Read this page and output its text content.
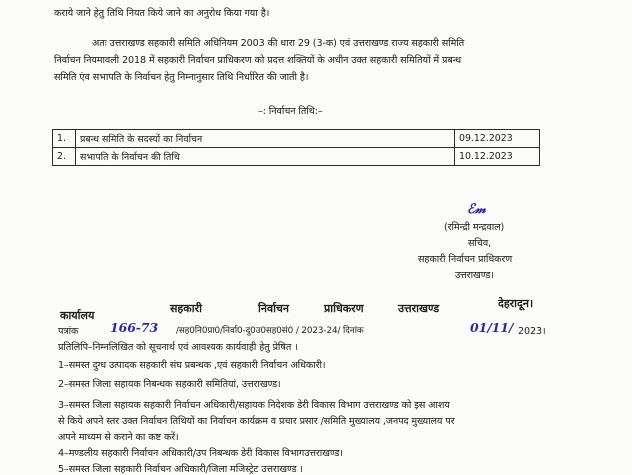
कराये जाने हेतु तिथि नियत किये जाने का अनुरोध किया गया है।
अतः उत्तराखण्ड सहकारी समिति अधिनियम 2003 की धारा 29 (3-क) एवं उत्तराखण्ड राज्य सहकारी समिति
निर्वाचन नियमावली 2018 में सहकारी निर्वाचन प्राधिकरण को प्रदत्त शक्तियों के अधीन उक्त सहकारी समितियों में प्रबन्ध
समिति एंव सभापति के निर्वाचन हेतु निम्नानुसार तिथि निर्धारित की जाती है।
–: निर्वाचन तिथि:–
1.	प्रबन्ध समिति के सदस्यों का निर्वाचन	09.12.2023
2.	सभापति के निर्वाचन की तिथि	10.12.2023
ℰ𝓂
(रमिन्द्री मन्द्रवाल)
सचिव,
सहकारी निर्वाचन प्राधिकरण
उत्तराखण्ड।
कार्यालय
सहकारी	निर्वाचन	प्राधिकरण	उत्तराखण्ड	देहरादून।
पत्रांक	166-73 /सह0नि0प्रा0/निर्वा0-दु0उ0सह0सं0 / 2023-24/ दिनांक	01/11/ 2023।
प्रतिलिपि–निम्नलिखित को सूचनार्थ एवं आवश्यक कार्यवाही हेतु प्रेषित ।
1–समस्त दुग्ध उत्पादक सहकारी संघ प्रबन्धक ,एवं सहकारी निर्वाचन अधिकारी।
2–समस्त जिला सहायक निबन्धक सहकारी समितियां, उत्तराखण्ड।
3–समस्त जिला सहायक सहकारी निर्वाचन अधिकारी/सहायक निदेशक डेरी विकास विभाग उत्तराखण्ड को इस आशय
से किये अपने स्तर उक्त निर्वाचन तिथियों का निर्वाचन कार्यक्रम व प्रचार प्रसार /समिति मुख्यालय ,जनपद मुख्यालय पर
अपने माध्यम से कराने का कष्ट करें।
4–मण्डलीय सहकारी निर्वाचन अधिकारी/उप निबन्धक डेरी विकास विभागउत्तराखण्ड।
5–समस्त जिला सहकारी निर्वाचन अधिकारी/जिला मजिस्ट्रेट उत्तराखण्ड ।
